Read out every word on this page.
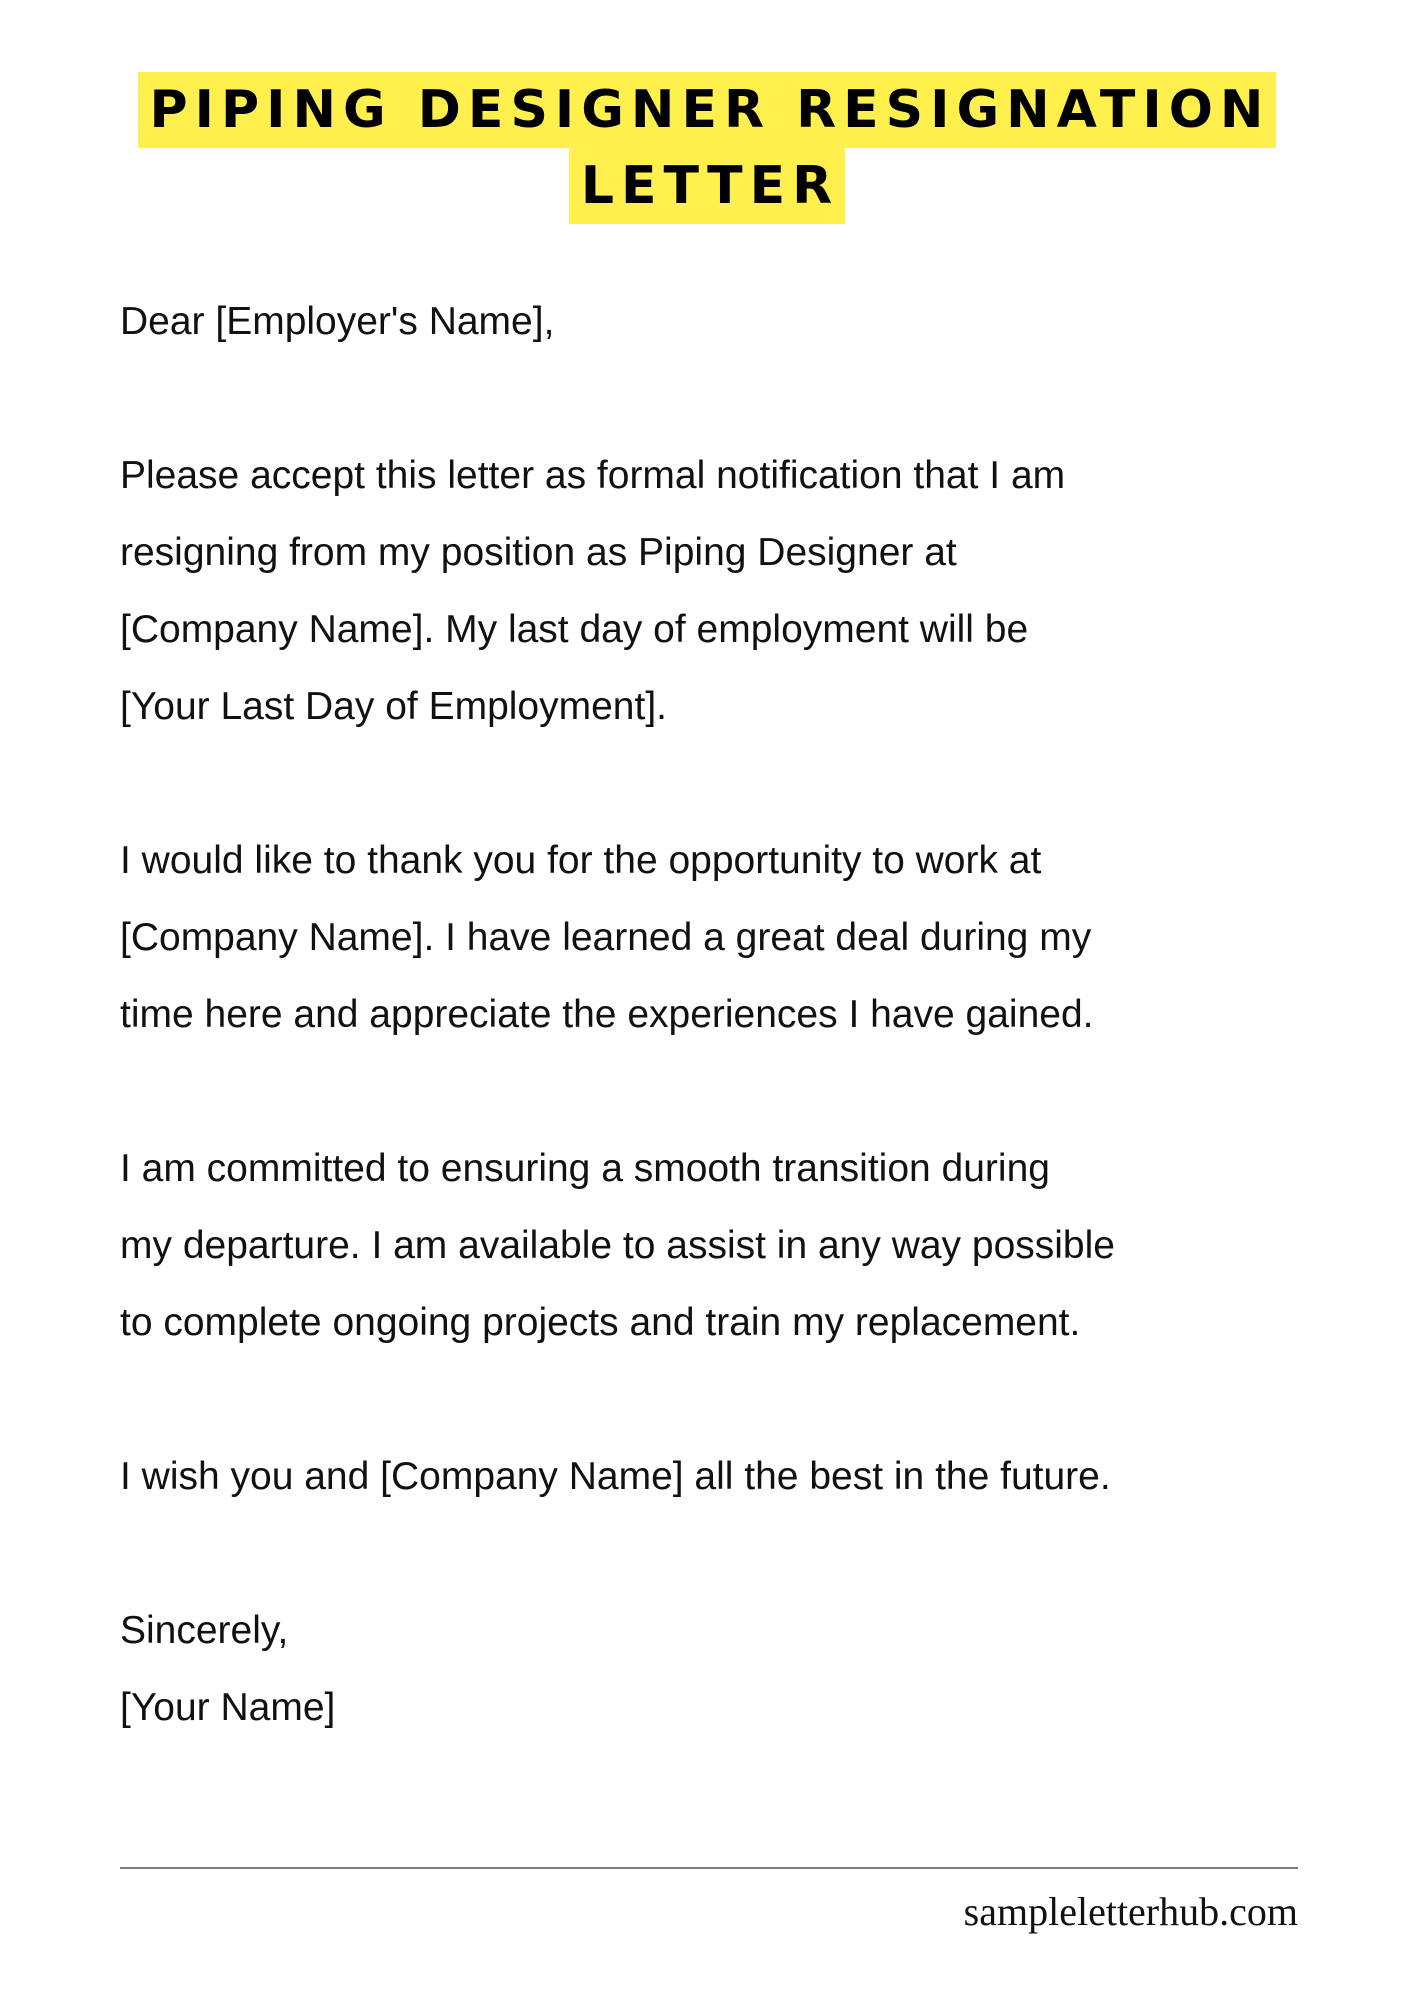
PIPING DESIGNER RESIGNATION
LETTER

Dear [Employer's Name],

Please accept this letter as formal notification that I am

resigning from my position as Piping Designer at

[Company Name]. My last day of employment will be

[Your Last Day of Employment].

I would like to thank you for the opportunity to work at

[Company Name]. I have learned a great deal during my

time here and appreciate the experiences I have gained.

I am committed to ensuring a smooth transition during

my departure. I am available to assist in any way possible

to complete ongoing projects and train my replacement.

I wish you and [Company Name] all the best in the future.

Sincerely,

[Your Name]

sampleletterhub.com
